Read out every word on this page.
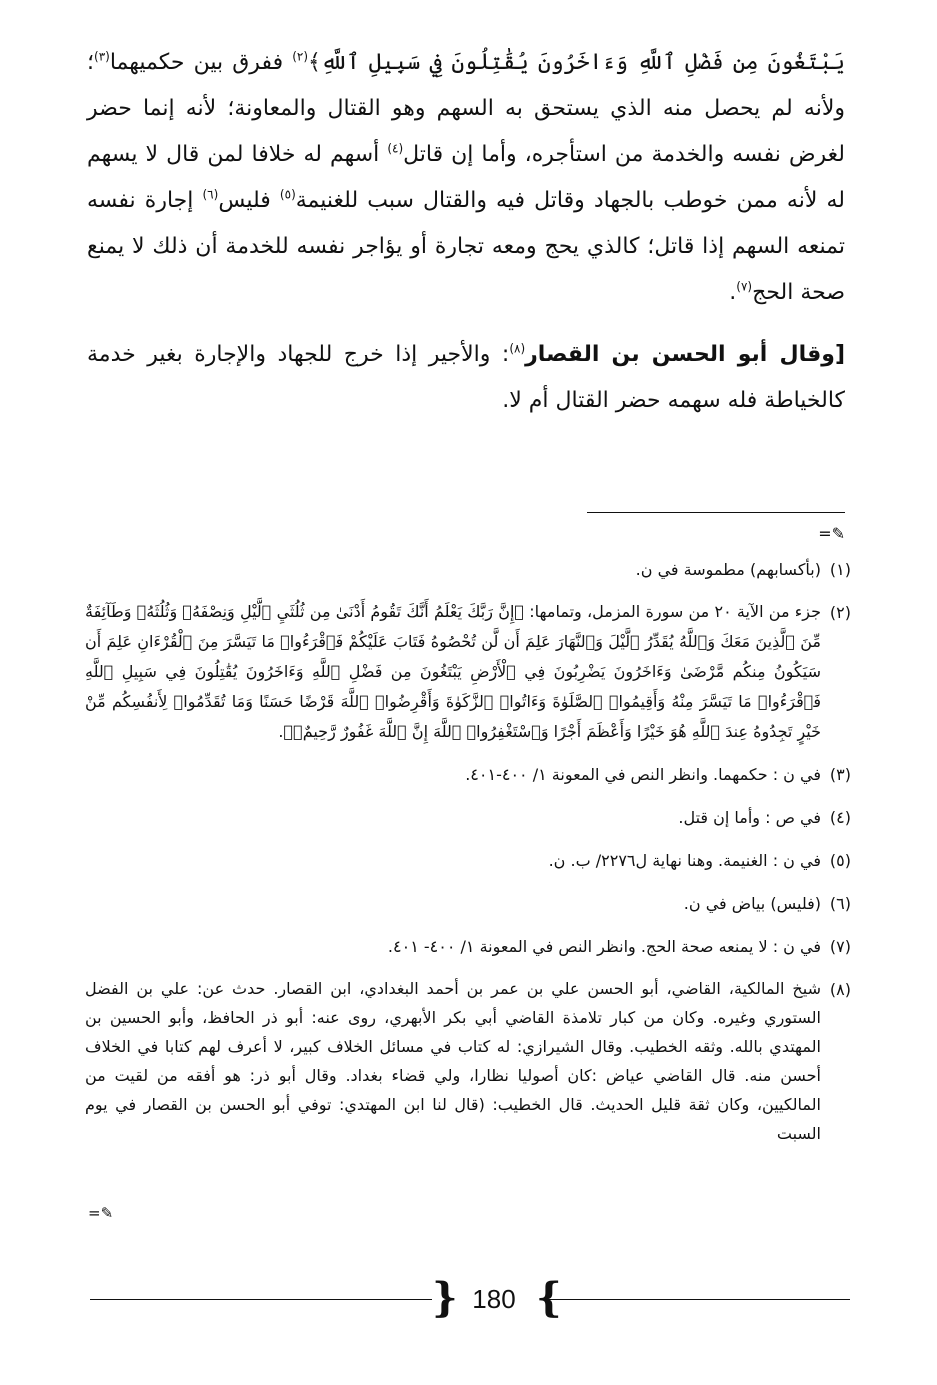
يَبْتَغُونَ مِن فَضْلِ ٱللَّهِ وَءَاخَرُونَ يُقَٰتِلُونَ فِي سَبِيلِ ٱللَّهِ﴾$^{(٢)}$ ففرق بين حكميهما$^{(٣)}$؛ ولأنه لم يحصل منه الذي يستحق به السهم وهو القتال والمعاونة؛ لأنه إنما حضر لغرض نفسه والخدمة من استأجره، وأما إن قاتل$^{(٤)}$ أسهم له خلافا لمن قال لا يسهم له لأنه ممن خوطب بالجهاد وقاتل فيه والقتال سبب للغنيمة$^{(٥)}$ فليس$^{(٦)}$ إجارة نفسه تمنعه السهم إذا قاتل؛ كالذي يحج ومعه تجارة أو يؤاجر نفسه للخدمة أن ذلك لا يمنع صحة الحج$^{(٧)}$.

[وقال أبو الحسن بن القصار$^{(٨)}$: والأجير إذا خرج للجهاد والإجارة بغير خدمة كالخياطة فله سهمه حضر القتال أم لا.

✎=
(١)
(بأكسابهم) مطموسة في ن.
(٢)
جزء من الآية ٢٠ من سورة المزمل، وتمامها: ﴿إِنَّ رَبَّكَ يَعْلَمُ أَنَّكَ تَقُومُ أَدْنَىٰ مِن ثُلُثَيِ ٱلَّيْلِ وَنِصْفَهُۥ وَثُلُثَهُۥ وَطَآئِفَةٌ مِّنَ ٱلَّذِينَ مَعَكَ وَٱللَّهُ يُقَدِّرُ ٱلَّيْلَ وَٱلنَّهَارَ عَلِمَ أَن لَّن تُحْصُوهُ فَتَابَ عَلَيْكُمْ فَٱقْرَءُوا۟ مَا تَيَسَّرَ مِنَ ٱلْقُرْءَانِ عَلِمَ أَن سَيَكُونُ مِنكُم مَّرْضَىٰ وَءَاخَرُونَ يَضْرِبُونَ فِي ٱلْأَرْضِ يَبْتَغُونَ مِن فَضْلِ ٱللَّهِ وَءَاخَرُونَ يُقَٰتِلُونَ فِي سَبِيلِ ٱللَّهِ فَٱقْرَءُوا۟ مَا تَيَسَّرَ مِنْهُ وَأَقِيمُوا۟ ٱلصَّلَوٰةَ وَءَاتُوا۟ ٱلزَّكَوٰةَ وَأَقْرِضُوا۟ ٱللَّهَ قَرْضًا حَسَنًا وَمَا تُقَدِّمُوا۟ لِأَنفُسِكُم مِّنْ خَيْرٍ تَجِدُوهُ عِندَ ٱللَّهِ هُوَ خَيْرًا وَأَعْظَمَ أَجْرًا وَٱسْتَغْفِرُوا۟ ٱللَّهَ إِنَّ ٱللَّهَ غَفُورٌ رَّحِيمٌۢ﴾.
(٣)
في ن : حكمهما. وانظر النص في المعونة ١/ ٤٠٠-٤٠١.
(٤)
في ص : وأما إن قتل.
(٥)
في ن : الغنيمة. وهنا نهاية ل٢٢٧٦/ ب. ن.
(٦)
(فليس) بياض في ن.
(٧)
في ن : لا يمنعه صحة الحج. وانظر النص في المعونة ١/ ٤٠٠- ٤٠١.
(٨)
شيخ المالكية، القاضي، أبو الحسن علي بن عمر بن أحمد البغدادي، ابن القصار. حدث عن: علي بن الفضل الستوري وغيره. وكان من كبار تلامذة القاضي أبي بكر الأبهري، روى عنه: أبو ذر الحافظ، وأبو الحسين بن المهتدي بالله. وثقه الخطيب. وقال الشيرازي: له كتاب في مسائل الخلاف كبير، لا أعرف لهم كتابا في الخلاف أحسن منه. قال القاضي عياض :كان أصوليا نظارا، ولي قضاء بغداد. وقال أبو ذر: هو أفقه من لقيت من المالكيين، وكان ثقة قليل الحديث. قال الخطيب: (قال لنا ابن المهتدي: توفي أبو الحسن بن القصار في يوم السبت
✎=
{ 180 }
